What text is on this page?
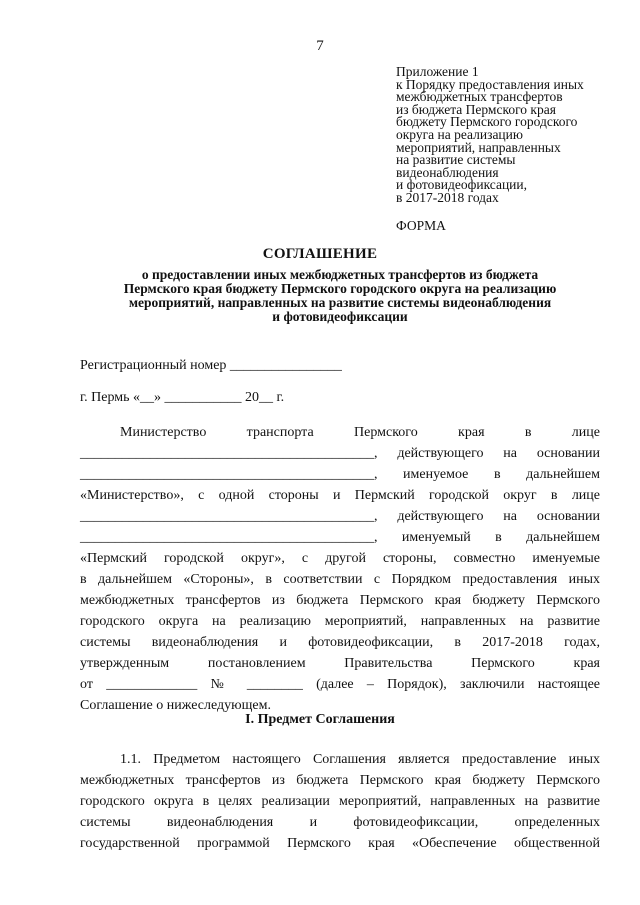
7
Приложение 1
к Порядку предоставления иных
межбюджетных трансфертов
из бюджета Пермского края
бюджету Пермского городского
округа на реализацию
мероприятий, направленных
на развитие системы
видеонаблюдения
и фотовидеофиксации,
в 2017-2018 годах
ФОРМА
СОГЛАШЕНИЕ
о предоставлении иных межбюджетных трансфертов из бюджета
Пермского края бюджету Пермского городского округа на реализацию
мероприятий, направленных на развитие системы видеонаблюдения
и фотовидеофиксации
Регистрационный номер ________________
г. Пермь «__» ___________ 20__ г.
Министерство транспорта Пермского края в лице
__________________________________________, действующего на основании
__________________________________________, именуемое в дальнейшем
«Министерство», с одной стороны и Пермский городской округ в лице
__________________________________________, действующего на основании
__________________________________________, именуемый в дальнейшем
«Пермский городской округ», с другой стороны, совместно именуемые
в дальнейшем «Стороны», в соответствии с Порядком предоставления иных
межбюджетных трансфертов из бюджета Пермского края бюджету Пермского
городского округа на реализацию мероприятий, направленных на развитие
системы видеонаблюдения и фотовидеофиксации, в 2017-2018 годах,
утвержденным постановлением Правительства Пермского края
от _____________ № ________ (далее – Порядок), заключили настоящее
Соглашение о нижеследующем.
I. Предмет Соглашения
1.1. Предметом настоящего Соглашения является предоставление иных
межбюджетных трансфертов из бюджета Пермского края бюджету Пермского
городского округа в целях реализации мероприятий, направленных на развитие
системы видеонаблюдения и фотовидеофиксации, определенных
государственной программой Пермского края «Обеспечение общественной
